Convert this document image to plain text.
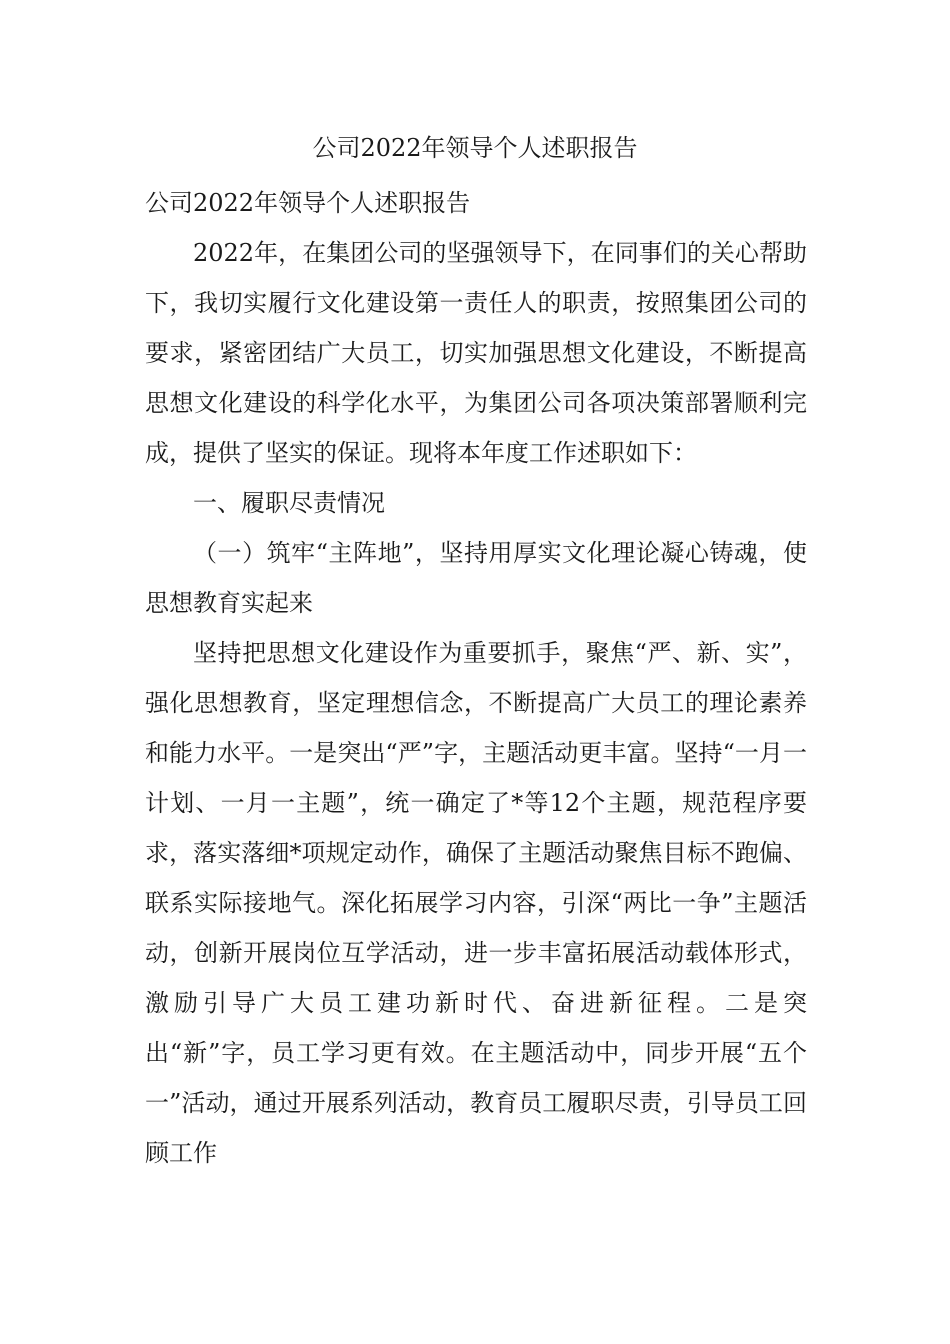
公司2022年领导个人述职报告

公司2022年领导个人述职报告

2022年，在集团公司的坚强领导下，在同事们的关心帮助下，我切实履行文化建设第一责任人的职责，按照集团公司的要求，紧密团结广大员工，切实加强思想文化建设，不断提高思想文化建设的科学化水平，为集团公司各项决策部署顺利完成，提供了坚实的保证。现将本年度工作述职如下：

一、履职尽责情况

（一）筑牢“主阵地”，坚持用厚实文化理论凝心铸魂，使思想教育实起来

坚持把思想文化建设作为重要抓手，聚焦“严、新、实”，强化思想教育，坚定理想信念，不断提高广大员工的理论素养和能力水平。一是突出“严”字，主题活动更丰富。坚持“一月一计划、一月一主题”，统一确定了*等12个主题，规范程序要求，落实落细*项规定动作，确保了主题活动聚焦目标不跑偏、联系实际接地气。深化拓展学习内容，引深“两比一争”主题活动，创新开展岗位互学活动，进一步丰富拓展活动载体形式，激励引导广大员工建功新时代、奋进新征程。二是突出“新”字，员工学习更有效。在主题活动中，同步开展“五个一”活动，通过开展系列活动，教育员工履职尽责，引导员工回顾工作
